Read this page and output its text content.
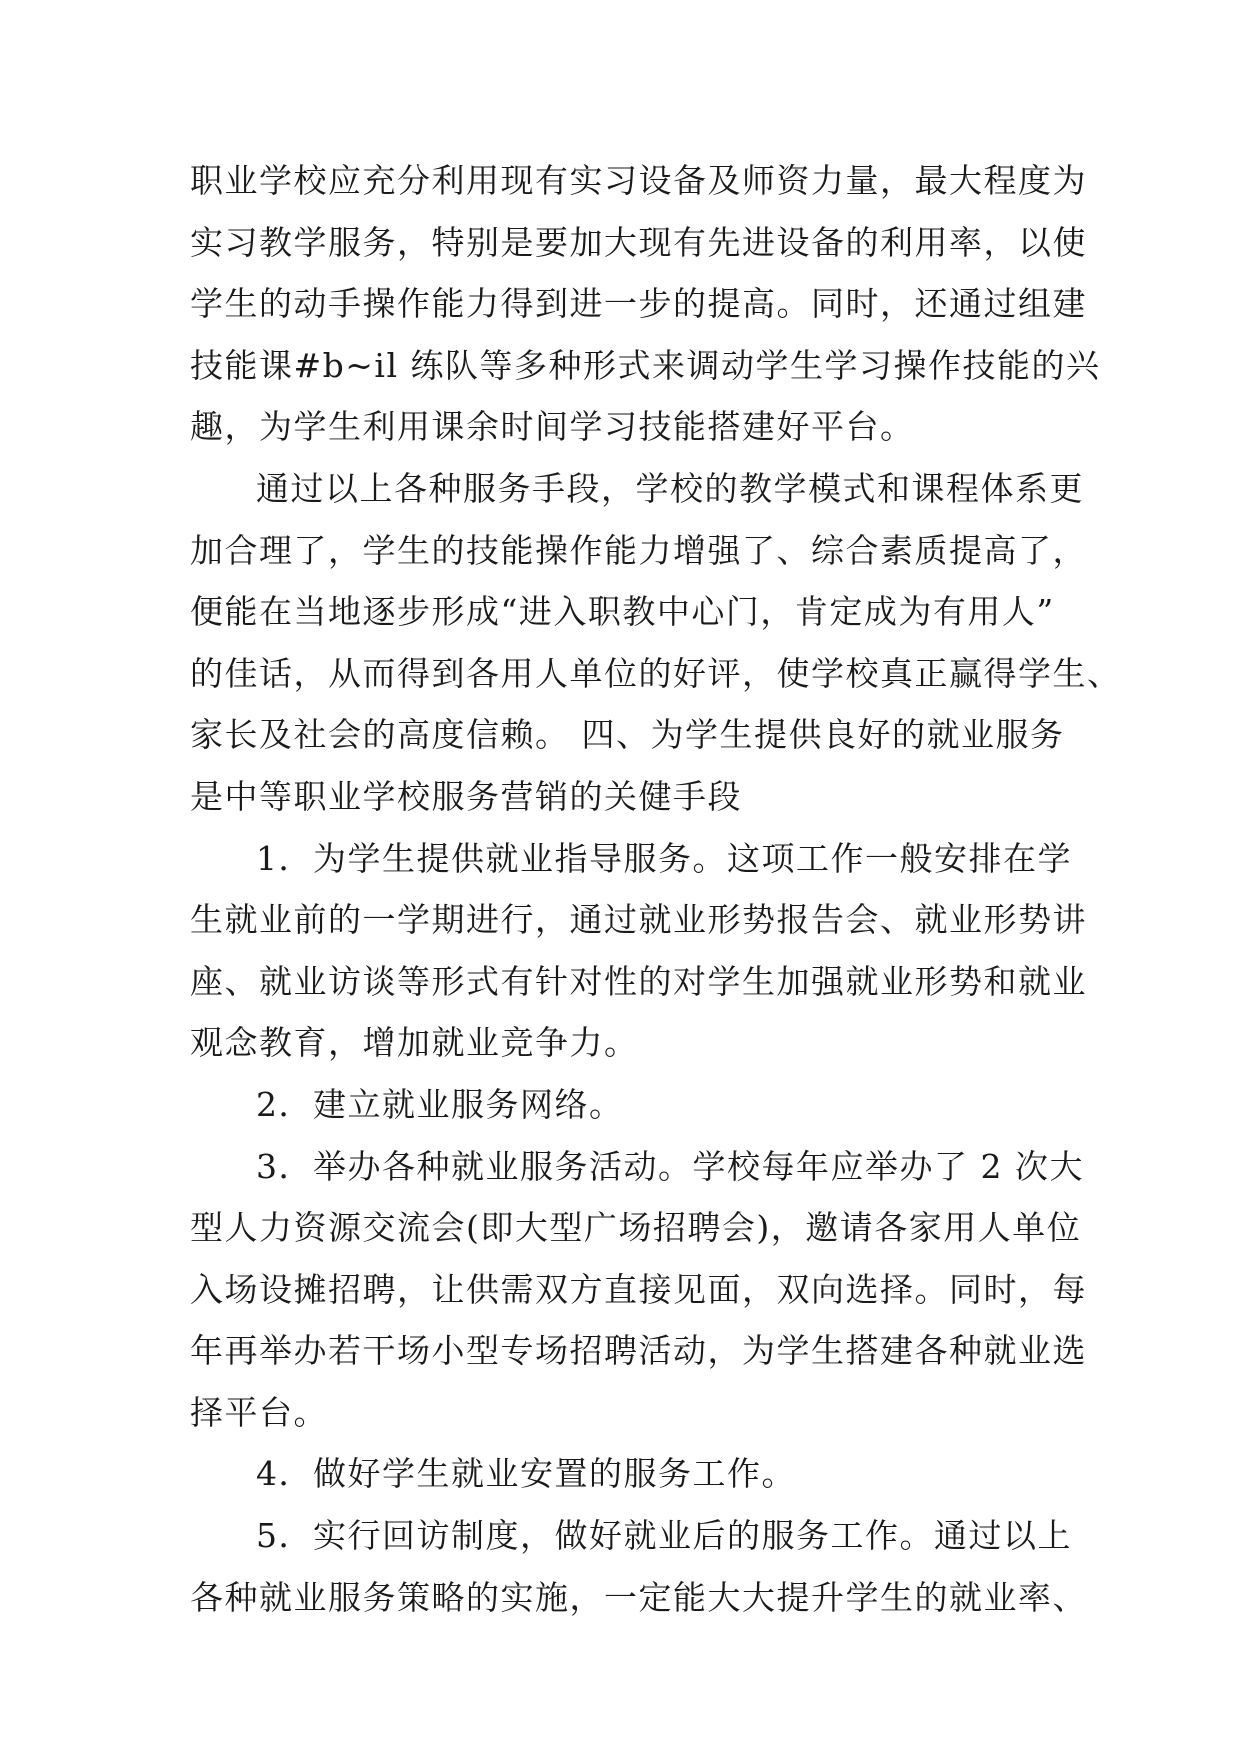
职业学校应充分利用现有实习设备及师资力量，最大程度为
实习教学服务，特别是要加大现有先进设备的利用率，以使
学生的动手操作能力得到进一步的提高。同时，还通过组建
技能课#b~il 练队等多种形式来调动学生学习操作技能的兴
趣，为学生利用课余时间学习技能搭建好平台。
通过以上各种服务手段，学校的教学模式和课程体系更
加合理了，学生的技能操作能力增强了、综合素质提高了，
便能在当地逐步形成“进入职教中心门，肯定成为有用人”
的佳话，从而得到各用人单位的好评，使学校真正赢得学生、
家长及社会的高度信赖。 四、为学生提供良好的就业服务
是中等职业学校服务营销的关健手段
1．为学生提供就业指导服务。这项工作一般安排在学
生就业前的一学期进行，通过就业形势报告会、就业形势讲
座、就业访谈等形式有针对性的对学生加强就业形势和就业
观念教育，增加就业竞争力。
2．建立就业服务网络。
3．举办各种就业服务活动。学校每年应举办了 2 次大
型人力资源交流会(即大型广场招聘会)，邀请各家用人单位
入场设摊招聘，让供需双方直接见面，双向选择。同时，每
年再举办若干场小型专场招聘活动，为学生搭建各种就业选
择平台。
4．做好学生就业安置的服务工作。
5．实行回访制度，做好就业后的服务工作。通过以上
各种就业服务策略的实施，一定能大大提升学生的就业率、
